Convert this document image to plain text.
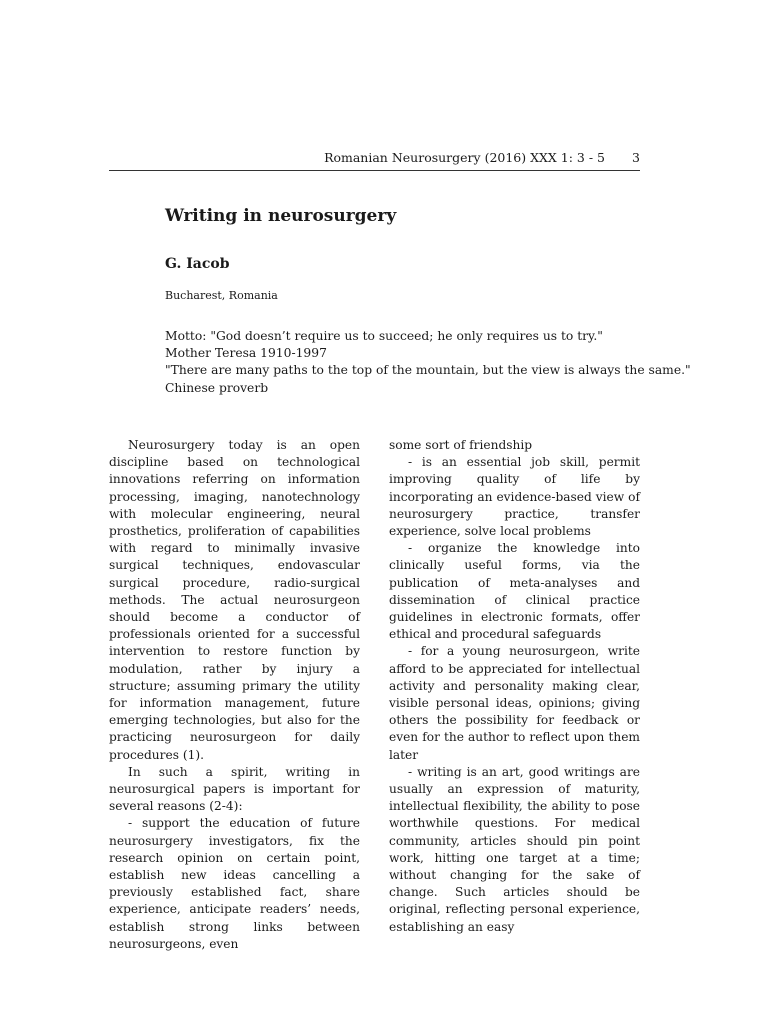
Romanian Neurosurgery (2016) XXX 1: 3 - 5 3
Writing in neurosurgery
G. Iacob
Bucharest, Romania
Motto: "God doesn’t require us to succeed; he only requires us to try."
Mother Teresa 1910-1997
"There are many paths to the top of the mountain, but the view is always the same."
Chinese proverb

Neurosurgery today is an open discipline based on technological innovations referring on information processing, imaging, nanotechnology with molecular engineering, neural prosthetics, proliferation of capabilities with regard to minimally invasive surgical techniques, endovascular surgical procedure, radio-surgical methods. The actual neurosurgeon should become a conductor of professionals oriented for a successful intervention to restore function by modulation, rather by injury a structure; assuming primary the utility for information management, future emerging technologies, but also for the practicing neurosurgeon for daily procedures (1).

In such a spirit, writing in neurosurgical papers is important for several reasons (2-4):

- support the education of future neurosurgery investigators, fix the research opinion on certain point, establish new ideas cancelling a previously established fact, share experience, anticipate readers’ needs, establish strong links between neurosurgeons, even

some sort of friendship

- is an essential job skill, permit improving quality of life by incorporating an evidence-based view of neurosurgery practice, transfer experience, solve local problems

- organize the knowledge into clinically useful forms, via the publication of meta-analyses and dissemination of clinical practice guidelines in electronic formats, offer ethical and procedural safeguards

- for a young neurosurgeon, write afford to be appreciated for intellectual activity and personality making clear, visible personal ideas, opinions; giving others the possibility for feedback or even for the author to reflect upon them later

- writing is an art, good writings are usually an expression of maturity, intellectual flexibility, the ability to pose worthwhile questions. For medical community, articles should pin point work, hitting one target at a time; without changing for the sake of change. Such articles should be original, reflecting personal experience, establishing an easy
